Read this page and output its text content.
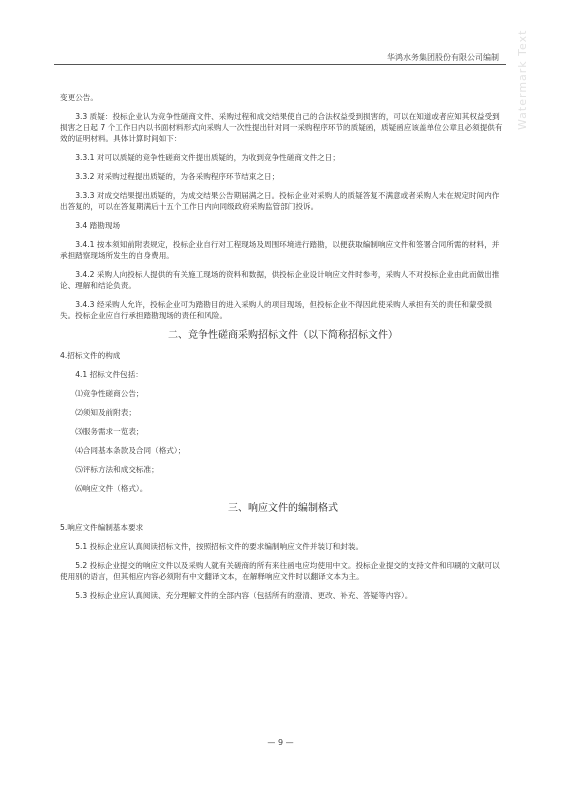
华鸿水务集团股份有限公司编制 Watermark Text

变更公告。

3.3 质疑：投标企业认为竞争性磋商文件、采购过程和成交结果使自己的合法权益受到损害的，可以在知道或者应知其权益受到损害之日起 7 个工作日内以书面材料形式向采购人一次性提出针对同一采购程序环节的质疑函，质疑函应该盖单位公章且必须提供有效的证明材料。具体计算时间如下：

3.3.1 对可以质疑的竞争性磋商文件提出质疑的，为收到竞争性磋商文件之日；

3.3.2 对采购过程提出质疑的，为各采购程序环节结束之日；

3.3.3 对成交结果提出质疑的，为成交结果公告期届满之日。投标企业对采购人的质疑答复不满意或者采购人未在规定时间内作出答复的，可以在答复期满后十五个工作日内向同级政府采购监管部门投诉。

3.4 踏勘现场

3.4.1 按本须知前附表规定，投标企业自行对工程现场及周围环境进行踏勘，以便获取编制响应文件和签署合同所需的材料，并承担踏察现场所发生的自身费用。

3.4.2 采购人向投标人提供的有关施工现场的资料和数据，供投标企业设计响应文件时参考，采购人不对投标企业由此而做出推论、理解和结论负责。

3.4.3 经采购人允许，投标企业可为踏勘目的进入采购人的项目现场，但投标企业不得因此使采购人承担有关的责任和蒙受损失。投标企业应自行承担踏勘现场的责任和风险。

二、竞争性磋商采购招标文件（以下简称招标文件）

4.招标文件的构成

4.1 招标文件包括：

⑴竞争性磋商公告；

⑵须知及前附表；

⑶服务需求一览表；

⑷合同基本条款及合同（格式）；

⑸评标方法和成交标准；

⑹响应文件（格式）。

三、响应文件的编制格式

5.响应文件编制基本要求

5.1 投标企业应认真阅读招标文件，按照招标文件的要求编制响应文件并装订和封装。

5.2 投标企业提交的响应文件以及采购人就有关磋商的所有来往函电应均使用中文。投标企业提交的支持文件和印刷的文献可以使用别的语言，但其相应内容必须附有中文翻译文本，在解释响应文件时以翻译文本为主。

5.3 投标企业应认真阅读、充分理解文件的全部内容（包括所有的澄清、更改、补充、答疑等内容）。

— 9 —
